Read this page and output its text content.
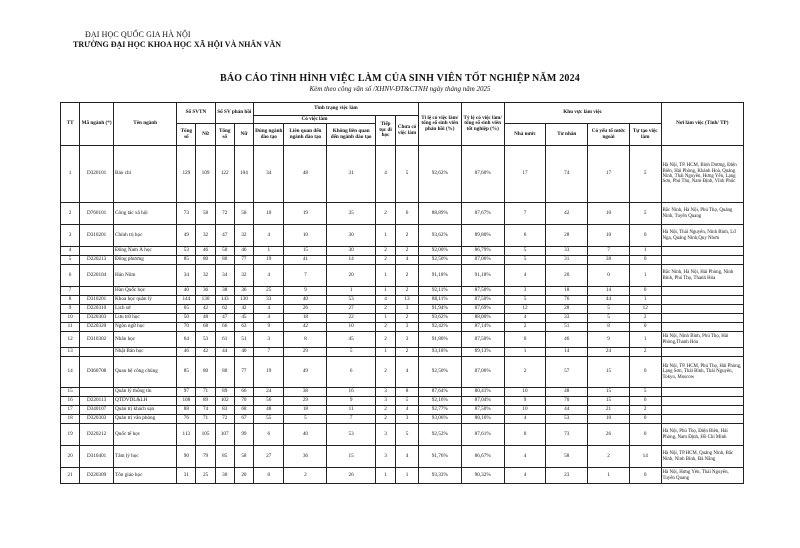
ĐẠI HỌC QUỐC GIA HÀ NỘI
TRƯỜNG ĐẠI HỌC KHOA HỌC XÃ HỘI VÀ NHÂN VĂN
BÁO CÁO TÌNH HÌNH VIỆC LÀM CỦA SINH VIÊN TỐT NGHIỆP NĂM 2024
Kèm theo công văn số /XHNV-ĐT&CTNH ngày tháng năm 2025
TT	Mã ngành (*)	Tên ngành	Số SVTN		Số SV phản hồi		Tình trạng việc làm					Tỉ lệ có việc làm/ tổng số sinh viên phản hồi (%)	Tỷ lệ có việc làm/ tổng số sinh viên tốt nghiệp (%)	Khu vực làm việc				Nơi làm việc (Tỉnh/ TP)
							Có việc làm			Tiếp tục đi học	Chưa có việc làm							
			Tổng số	Nữ	Tổng số	Nữ	Đúng ngành đào tạo	Liên quan đến ngành đào tạo	Không liên quan đến ngành đào tạo					Nhà nước	Tư nhân	Có yếu tố nước ngoài	Tự tạo việc làm	
1	D320101	Báo chí	129	109	122	104	34	48	31	4	5	92,62%	87,60%	17	74	17	5	Hà Nội, TP. HCM, Bình Dương, Điện Biên, Hải Phòng, Khánh Hoà, Quảng Ninh, Thái Nguyên, Hưng Yên, Lạng Sơn, Phú Thọ, Nam Định, Vĩnh Phúc
2	D760101	Công tác xã hội	73	58	72	58	10	19	35	2	6	88,89%	87,67%	7	42	10	5	Bắc Ninh, Hà Nội, Phú Thọ, Quảng Ninh, Tuyên Quang
3	D310201	Chính trị học	49	32	47	32	4	10	30	1	2	93,62%	89,80%	6	28	10	0	Hà Nội, Thái Nguyên, Ninh Bình, Lđ Nga, Quảng Ninh,Quy Nhơn
4		Đông Nam Á học	53	46	50	46	1	15	30	2	2	92,00%	86,79%	5	33	7	1	
5	D220213	Đông phương	85	80	80	77	19	41	14	2	4	92,50%	87,06%	5	31	38	0	
6	D220104	Hán Nôm	34	32	34	32	4	7	20	1	2	91,18%	91,18%	4	20	0	1	Bắc Ninh, Hà Nội, Hải Phòng, Ninh Bình, Phú Thọ, Thanh Hóa
7		Hàn Quốc học	40	36	38	36	25	9	1	1	2	92,11%	87,50%	3	18	14	0	
8	D310201	Khoa học quản lý	144	130	143	130	33	40	53	4	13	88,11%	87,50%	5	76	44	1	
9	D220310	Lịch sử	65	42	62	42	4	26	27	2	3	91,94%	87,69%	12	28	5	12	
10	D320303	Lưu trữ học	50	48	47	45	4	18	22	1	2	93,62%	88,00%	4	33	5	2	
11	D220320	Ngôn ngữ học	70	68	66	63	9	42	10	2	3	92,42%	87,14%	2	51	8	0	
12	D310302	Nhân học	64	53	61	51	3	8	45	2	3	91,80%	87,50%	0	46	9	1	Hà Nội, Ninh Bình, Phú Thọ, Hải Phòng,Thanh Hóa
13		Nhật Bản học	46	42	44	40	7	29	5	1	2	93,18%	89,13%	1	14	24	2	
14	D360708	Quan hệ công chúng	85	80	80	77	19	49	6	2	4	92,50%	87,06%	2	57	15	0	Hà Nội, TP. HCM, Phú Thọ, Hải Phòng, Lạng Sơn, Thái Bình, Thái Nguyên, Tokyo, Moscow
15		Quản lý thông tin	97	71	89	66	24	38	16	3	8	87,64%	80,41%	10	48	15	5	
16	D220113	QTDVDL&LH	108	89	102	70	56	29	9	3	5	92,16%	87,04%	9	70	15	0	
17	D340107	Quản trị khách sạn	88	74	83	68	48	18	11	2	4	92,77%	87,50%	10	44	21	2	
18	D320303	Quản trị văn phòng	76	71	72	67	55	5	7	2	3	93,06%	88,16%	4	53	10	0	
19	D220212	Quốc tế học	113	105	107	99	6	40	53	3	5	92,52%	87,61%	0	73	26	0	Hà Nội, Phú Thọ, Điện Biên, Hải Phòng, Nam Định, Hồ Chí Minh
20	D310401	Tâm lý học	90	79	85	58	27	36	15	3	4	91,76%	86,67%	4	58	2	14	Hà Nội, TP.HCM, Quảng Ninh, Bắc Ninh, Ninh Bình, Đà Nẵng
21	D220309	Tôn giáo học	31	25	30	20	0	2	26	1	1	93,33%	90,32%	4	23	1	0	Hà Nội, Hưng Yên, Thái Nguyên, Tuyên Quang
